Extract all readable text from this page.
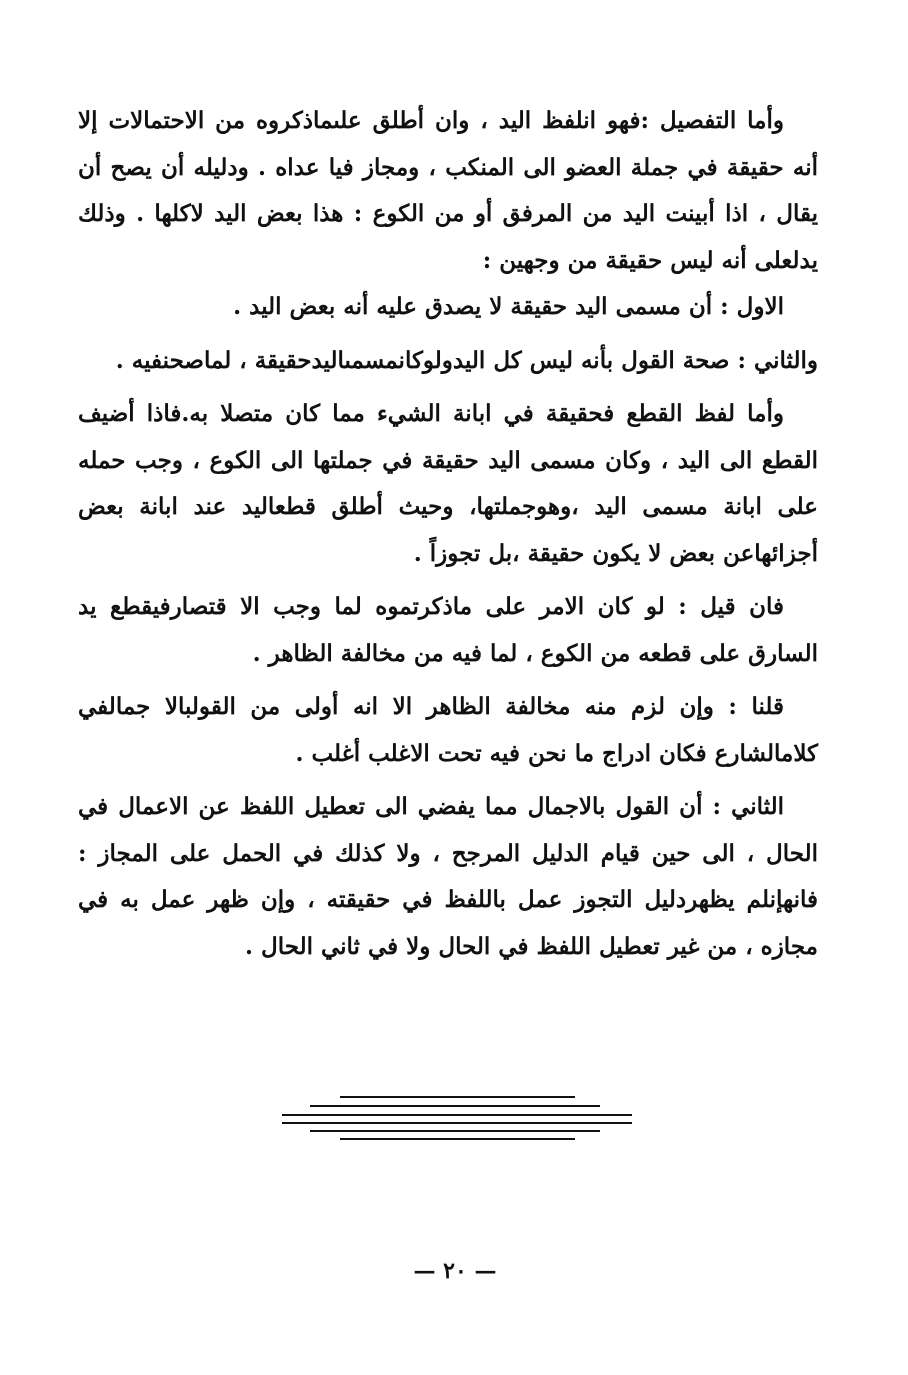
وأما التفصيل :فهو انلفظ اليد ، وان أطلق علىماذكروه من الاحتمالات إلا أنه حقيقة في جملة العضو الى المنكب ، ومجاز فيا عداه . ودليله أن يصح أن يقال ، اذا أبينت اليد من المرفق أو من الكوع : هذا بعض اليد لاكلها . وذلك يدلعلى أنه ليس حقيقة من وجهين :

الاول : أن مسمى اليد حقيقة لا يصدق عليه أنه بعض اليد .

والثاني : صحة القول بأنه ليس كل اليدولوكانمسمىاليدحقيقة ، لماصحنفيه .

وأما لفظ القطع فحقيقة في ابانة الشيء مما كان متصلا به.فاذا أضيف القطع الى اليد ، وكان مسمى اليد حقيقة في جملتها الى الكوع ، وجب حمله على ابانة مسمى اليد ،وهوجملتها، وحيث أطلق قطعاليد عند ابانة بعض أجزائهاعن بعض لا يكون حقيقة ،بل تجوزاً .

فان قيل : لو كان الامر على ماذكرتموه لما وجب الا قتصارفيقطع يد السارق على قطعه من الكوع ، لما فيه من مخالفة الظاهر .

قلنا : وإن لزم منه مخالفة الظاهر الا انه أولى من القولبالا جمالفي كلامالشارع فكان ادراج ما نحن فيه تحت الاغلب أغلب .

الثاني : أن القول بالاجمال مما يفضي الى تعطيل اللفظ عن الاعمال في الحال ، الى حين قيام الدليل المرجح ، ولا كذلك في الحمل على المجاز : فانهإنلم يظهردليل التجوز عمل باللفظ في حقيقته ، وإن ظهر عمل به في مجازه ، من غير تعطيل اللفظ في الحال ولا في ثاني الحال .

— ٢٠ —
